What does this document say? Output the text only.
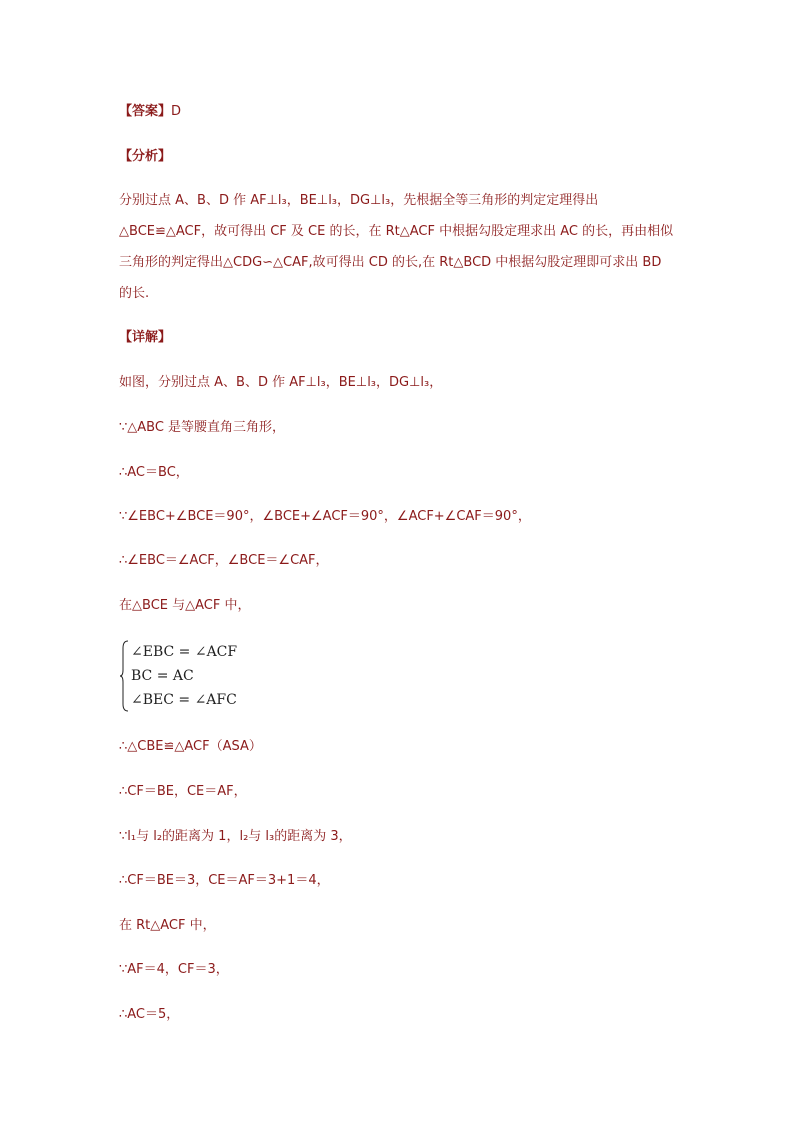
【答案】D
【分析】
分别过点 A、B、D 作 AF⊥l₃，BE⊥l₃，DG⊥l₃，先根据全等三角形的判定定理得出
△BCE≌△ACF，故可得出 CF 及 CE 的长，在 Rt△ACF 中根据勾股定理求出 AC 的长，再由相似
三角形的判定得出△CDG∽△CAF,故可得出 CD 的长,在 Rt△BCD 中根据勾股定理即可求出 BD
的长.
【详解】
如图，分别过点 A、B、D 作 AF⊥l₃，BE⊥l₃，DG⊥l₃，
∵△ABC 是等腰直角三角形，
∴AC＝BC，
∵∠EBC+∠BCE＝90°，∠BCE+∠ACF＝90°，∠ACF+∠CAF＝90°，
∴∠EBC＝∠ACF，∠BCE＝∠CAF，
在△BCE 与△ACF 中，
∠EBC = ∠ACF
BC = AC
∠BEC = ∠AFC
∴△CBE≌△ACF（ASA）
∴CF＝BE，CE＝AF，
∵l₁与 l₂的距离为 1，l₂与 l₃的距离为 3，
∴CF＝BE＝3，CE＝AF＝3+1＝4，
在 Rt△ACF 中，
∵AF＝4，CF＝3，
∴AC＝5，
